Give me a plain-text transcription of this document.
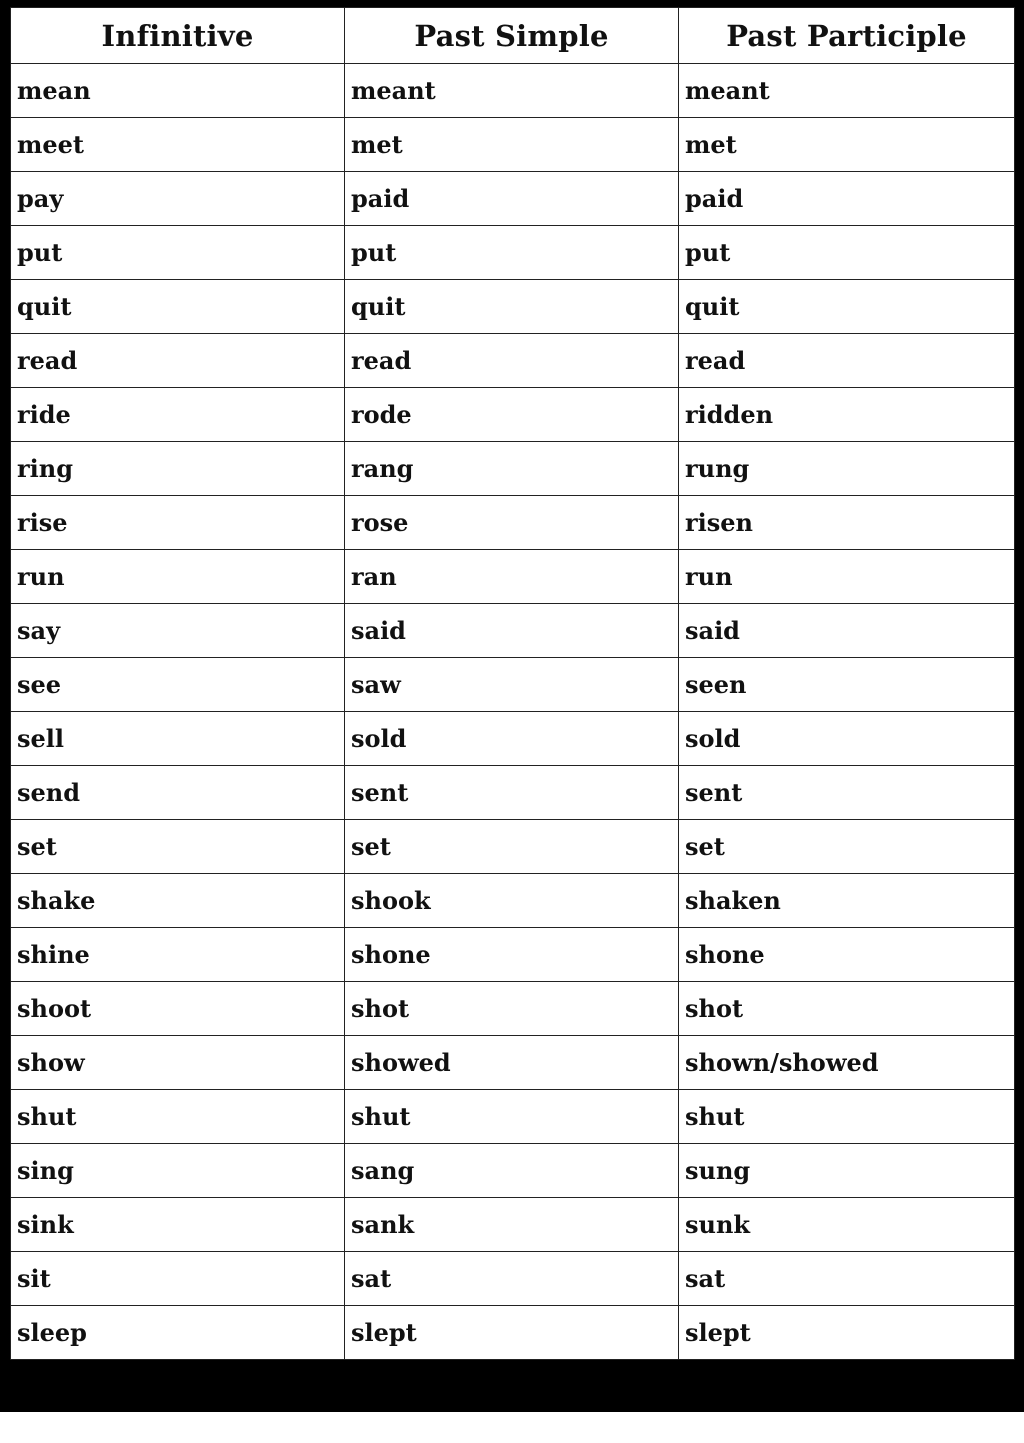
Infinitive	Past Simple	Past Participle
mean	meant	meant
meet	met	met
pay	paid	paid
put	put	put
quit	quit	quit
read	read	read
ride	rode	ridden
ring	rang	rung
rise	rose	risen
run	ran	run
say	said	said
see	saw	seen
sell	sold	sold
send	sent	sent
set	set	set
shake	shook	shaken
shine	shone	shone
shoot	shot	shot
show	showed	shown/showed
shut	shut	shut
sing	sang	sung
sink	sank	sunk
sit	sat	sat
sleep	slept	slept
